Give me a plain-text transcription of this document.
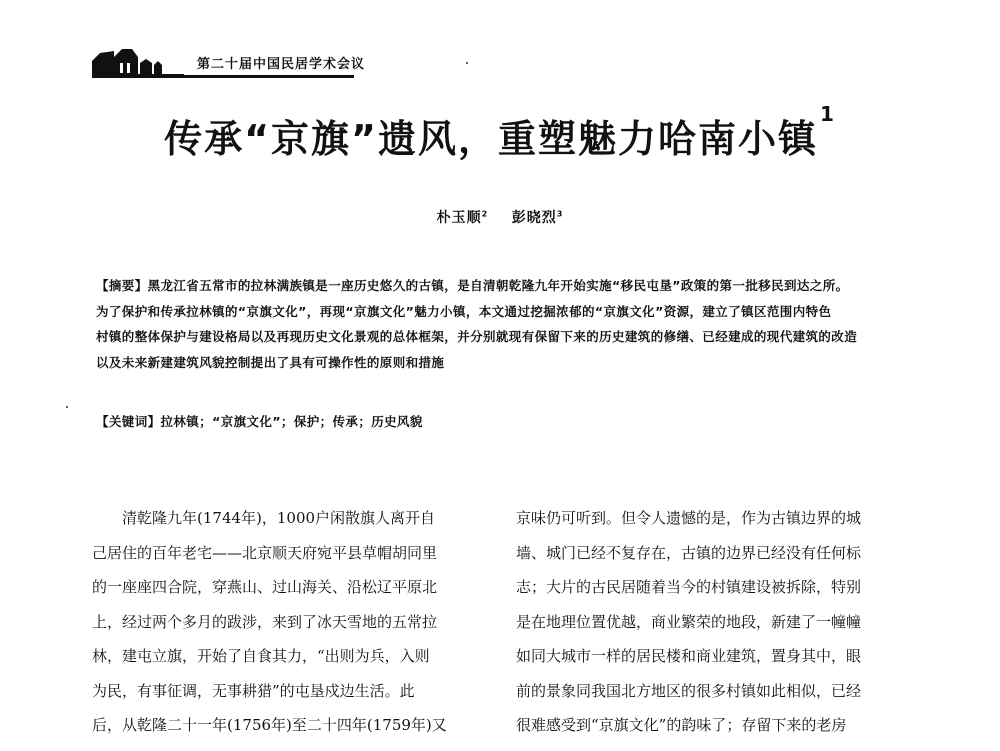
第二十届中国民居学术会议
传承“京旗”遗风，重塑魅力哈南小镇$^1$
朴玉顺$^2$ 彭晓烈$^3$
【摘要】黑龙江省五常市的拉林满族镇是一座历史悠久的古镇，是自清朝乾隆九年开始实施“移民屯垦”政策的第一批移民到达之所。
为了保护和传承拉林镇的“京旗文化”，再现“京旗文化”魅力小镇，本文通过挖掘浓郁的“京旗文化”资源，建立了镇区范围内特色
村镇的整体保护与建设格局以及再现历史文化景观的总体框架，并分别就现有保留下来的历史建筑的修缮、已经建成的现代建筑的改造
以及未来新建建筑风貌控制提出了具有可操作性的原则和措施
【关键词】拉林镇；“京旗文化”；保护；传承；历史风貌
　　清乾隆九年(1744年)，1000户闲散旗人离开自
己居住的百年老宅——北京顺天府宛平县草帽胡同里
的一座座四合院，穿燕山、过山海关、沿松辽平原北
上，经过两个多月的跋涉，来到了冰天雪地的五常拉
林，建屯立旗，开始了自食其力，“出则为兵，入则
为民，有事征调，无事耕猎”的屯垦戍边生活。此
后，从乾隆二十一年(1756年)至二十四年(1759年)又
京味仍可听到。但令人遗憾的是，作为古镇边界的城
墙、城门已经不复存在，古镇的边界已经没有任何标
志；大片的古民居随着当今的村镇建设被拆除，特别
是在地理位置优越，商业繁荣的地段，新建了一幢幢
如同大城市一样的居民楼和商业建筑，置身其中，眼
前的景象同我国北方地区的很多村镇如此相似，已经
很难感受到“京旗文化”的韵味了；存留下来的老房
